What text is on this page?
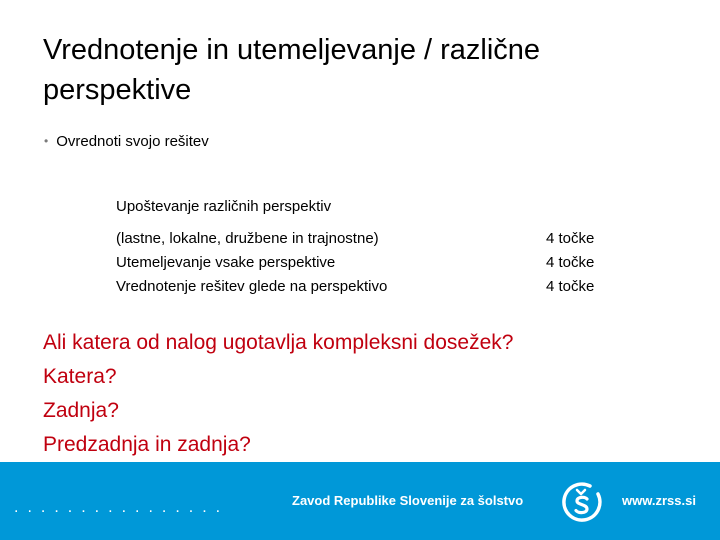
Vrednotenje in utemeljevanje / različne perspektive
• Ovrednoti svojo rešitev
Upoštevanje različnih perspektiv
(lastne, lokalne, družbene in trajnostne)	4 točke
Utemeljevanje vsake perspektive	4 točke
Vrednotenje rešitev glede na perspektivo	4 točke
Ali katera od nalog ugotavlja kompleksni dosežek?
Katera?
Zadnja?
Predzadnja in zadnja?
................	Zavod Republike Slovenije za šolstvo	www.zrss.si
